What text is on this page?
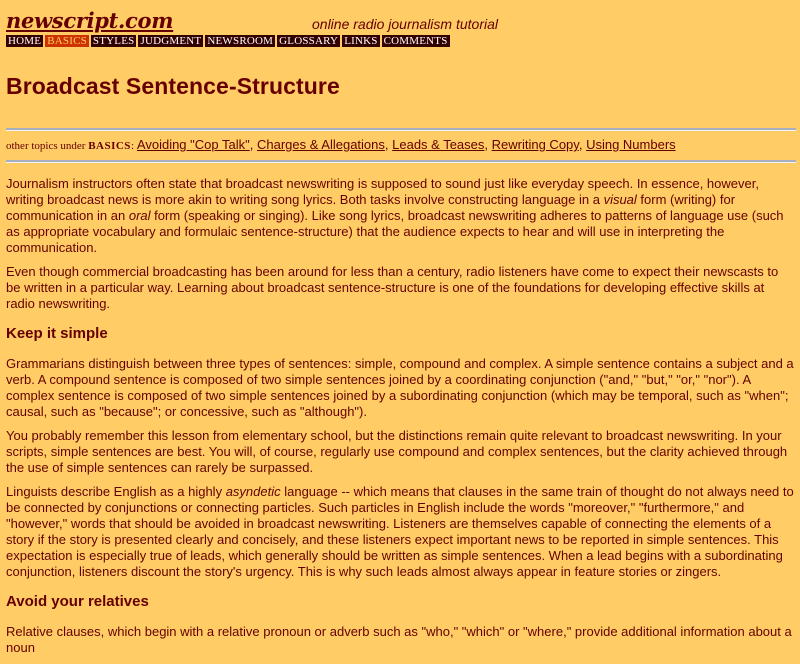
newscript.com	online radio journalism tutorial
HOME BASICS STYLES JUDGMENT NEWSROOM GLOSSARY LINKS COMMENTS
Broadcast Sentence-Structure
other topics under BASICS: Avoiding "Cop Talk", Charges & Allegations, Leads & Teases, Rewriting Copy, Using Numbers

Journalism instructors often state that broadcast newswriting is supposed to sound just like everyday speech. In essence, however, writing broadcast news is more akin to writing song lyrics. Both tasks involve constructing language in a visual form (writing) for communication in an oral form (speaking or singing). Like song lyrics, broadcast newswriting adheres to patterns of language use (such as appropriate vocabulary and formulaic sentence-structure) that the audience expects to hear and will use in interpreting the communication.

Even though commercial broadcasting has been around for less than a century, radio listeners have come to expect their newscasts to be written in a particular way. Learning about broadcast sentence-structure is one of the foundations for developing effective skills at radio newswriting.

Keep it simple

Grammarians distinguish between three types of sentences: simple, compound and complex. A simple sentence contains a subject and a verb. A compound sentence is composed of two simple sentences joined by a coordinating conjunction ("and," "but," "or," "nor"). A complex sentence is composed of two simple sentences joined by a subordinating conjunction (which may be temporal, such as "when"; causal, such as "because"; or concessive, such as "although").

You probably remember this lesson from elementary school, but the distinctions remain quite relevant to broadcast newswriting. In your scripts, simple sentences are best. You will, of course, regularly use compound and complex sentences, but the clarity achieved through the use of simple sentences can rarely be surpassed.

Linguists describe English as a highly asyndetic language -- which means that clauses in the same train of thought do not always need to be connected by conjunctions or connecting particles. Such particles in English include the words "moreover," "furthermore," and "however," words that should be avoided in broadcast newswriting. Listeners are themselves capable of connecting the elements of a story if the story is presented clearly and concisely, and these listeners expect important news to be reported in simple sentences. This expectation is especially true of leads, which generally should be written as simple sentences. When a lead begins with a subordinating conjunction, listeners discount the story's urgency. This is why such leads almost always appear in feature stories or zingers.

Avoid your relatives

Relative clauses, which begin with a relative pronoun or adverb such as "who," "which" or "where," provide additional information about a noun
